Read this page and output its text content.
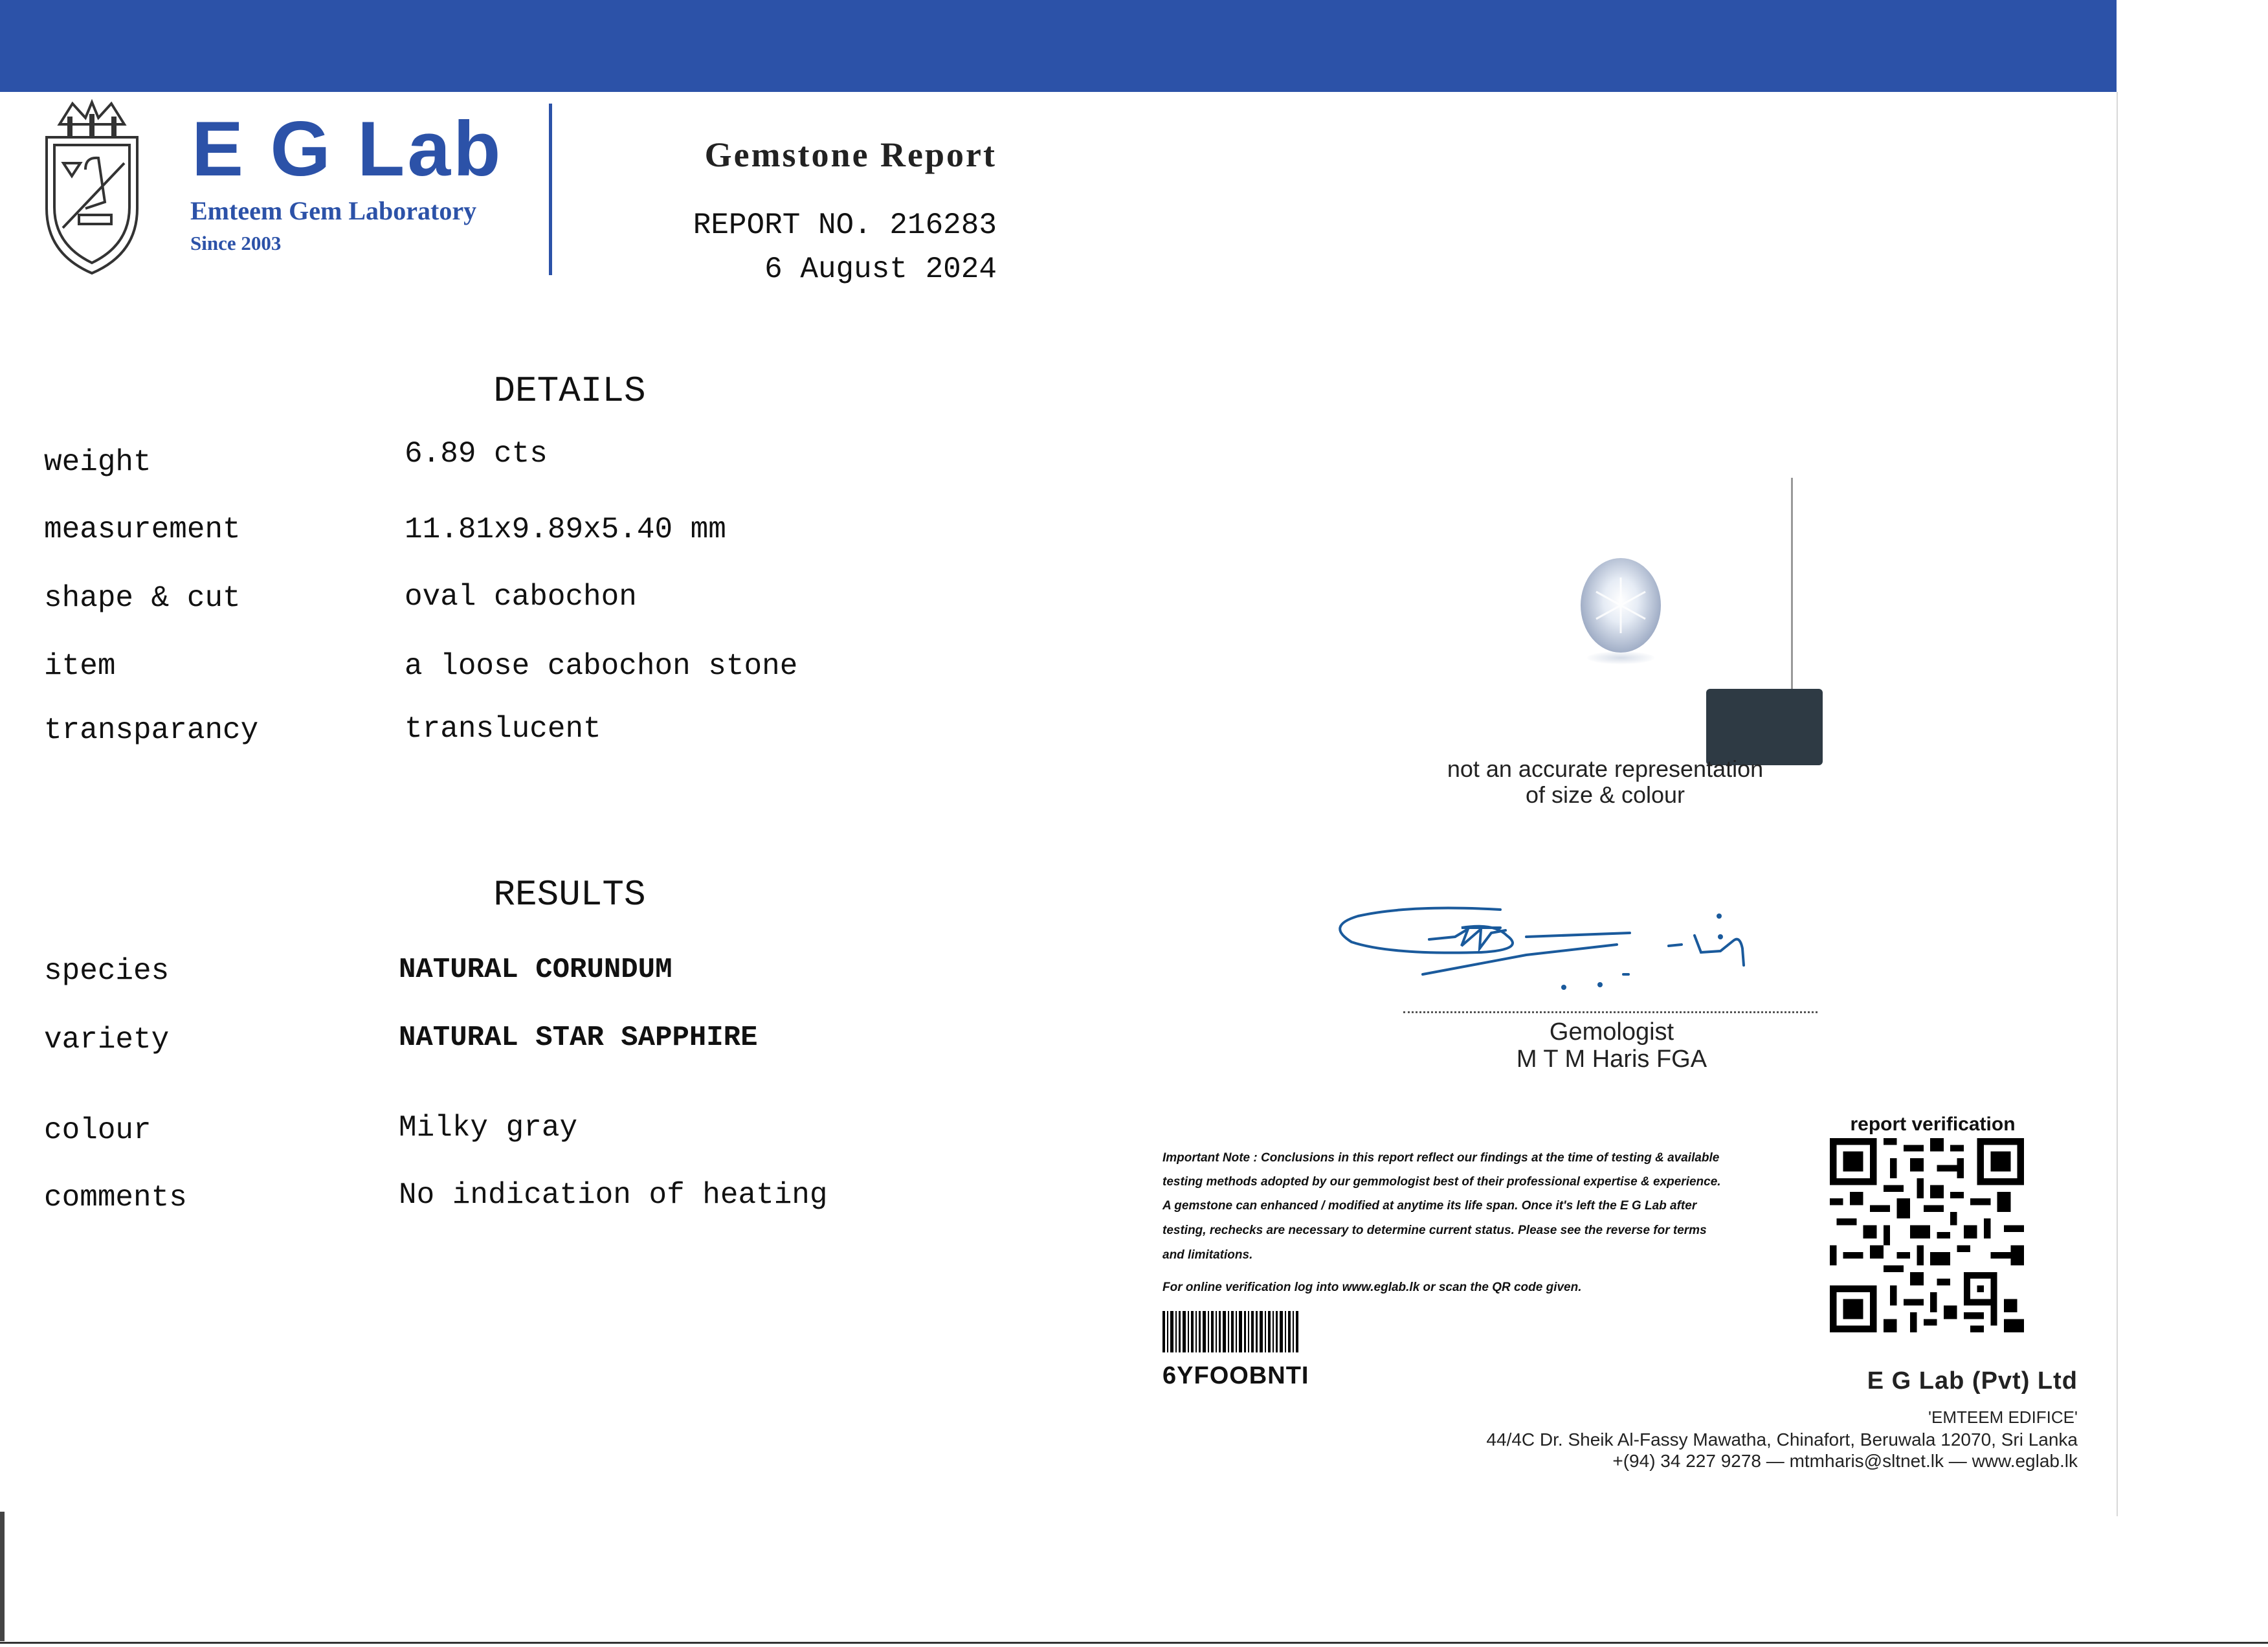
E G Lab
Emteem Gem Laboratory
Since 2003
Gemstone Report
REPORT NO. 216283
6 August 2024
DETAILS
weight	6.89 cts
measurement	11.81x9.89x5.40 mm
shape & cut	oval cabochon
item	a loose cabochon stone
transparancy	translucent
RESULTS
species	NATURAL CORUNDUM
variety	NATURAL STAR SAPPHIRE
colour	Milky gray
comments	No indication of heating
not an accurate representation
of size & colour
Gemologist
M T M Haris FGA
Important Note : Conclusions in this report reflect our findings at the time of testing & available
testing methods adopted by our gemmologist best of their professional expertise & experience.
A gemstone can enhanced / modified at anytime its life span. Once it's left the E G Lab after
testing, rechecks are necessary to determine current status. Please see the reverse for terms
and limitations.
For online verification log into www.eglab.lk or scan the QR code given.
report verification
6YFOOBNTI	E G Lab (Pvt) Ltd
'EMTEEM EDIFICE'
44/4C Dr. Sheik Al-Fassy Mawatha, Chinafort, Beruwala 12070, Sri Lanka
+(94) 34 227 9278 — mtmharis@sltnet.lk — www.eglab.lk
